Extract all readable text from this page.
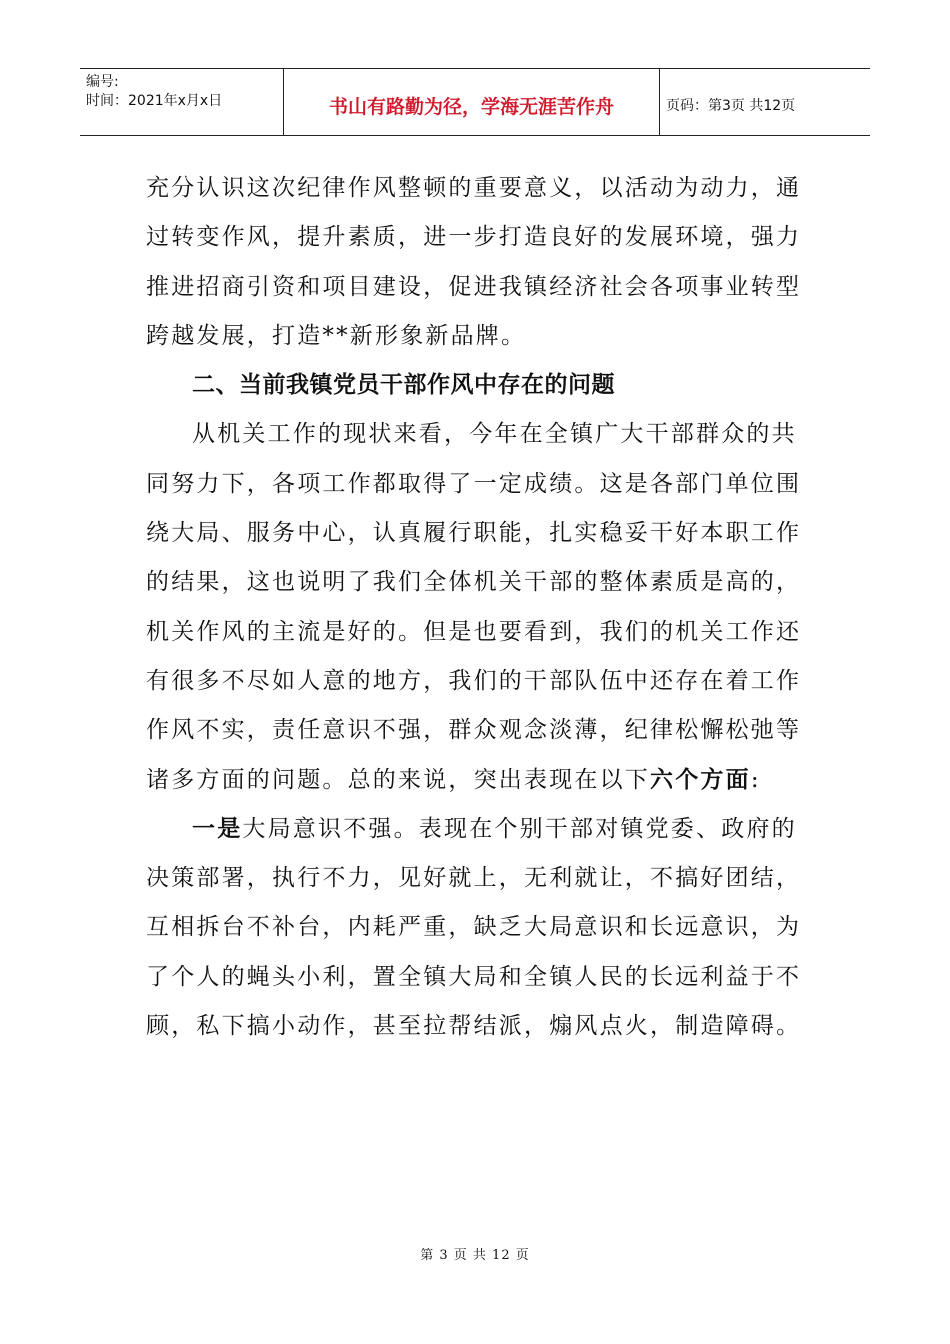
编号:
时间：2021年x月x日	书山有路勤为径，学海无涯苦作舟	页码：第3页 共12页

充分认识这次纪律作风整顿的重要意义，以活动为动力，通过转变作风，提升素质，进一步打造良好的发展环境，强力推进招商引资和项目建设，促进我镇经济社会各项事业转型跨越发展，打造**新形象新品牌。

二、当前我镇党员干部作风中存在的问题

从机关工作的现状来看，今年在全镇广大干部群众的共同努力下，各项工作都取得了一定成绩。这是各部门单位围绕大局、服务中心，认真履行职能，扎实稳妥干好本职工作的结果，这也说明了我们全体机关干部的整体素质是高的，机关作风的主流是好的。但是也要看到，我们的机关工作还有很多不尽如人意的地方，我们的干部队伍中还存在着工作作风不实，责任意识不强，群众观念淡薄，纪律松懈松弛等诸多方面的问题。总的来说，突出表现在以下六个方面:

一是大局意识不强。表现在个别干部对镇党委、政府的决策部署，执行不力，见好就上，无利就让，不搞好团结，互相拆台不补台，内耗严重，缺乏大局意识和长远意识，为了个人的蝇头小利，置全镇大局和全镇人民的长远利益于不顾，私下搞小动作，甚至拉帮结派，煽风点火，制造障碍。

第 3 页 共 12 页
